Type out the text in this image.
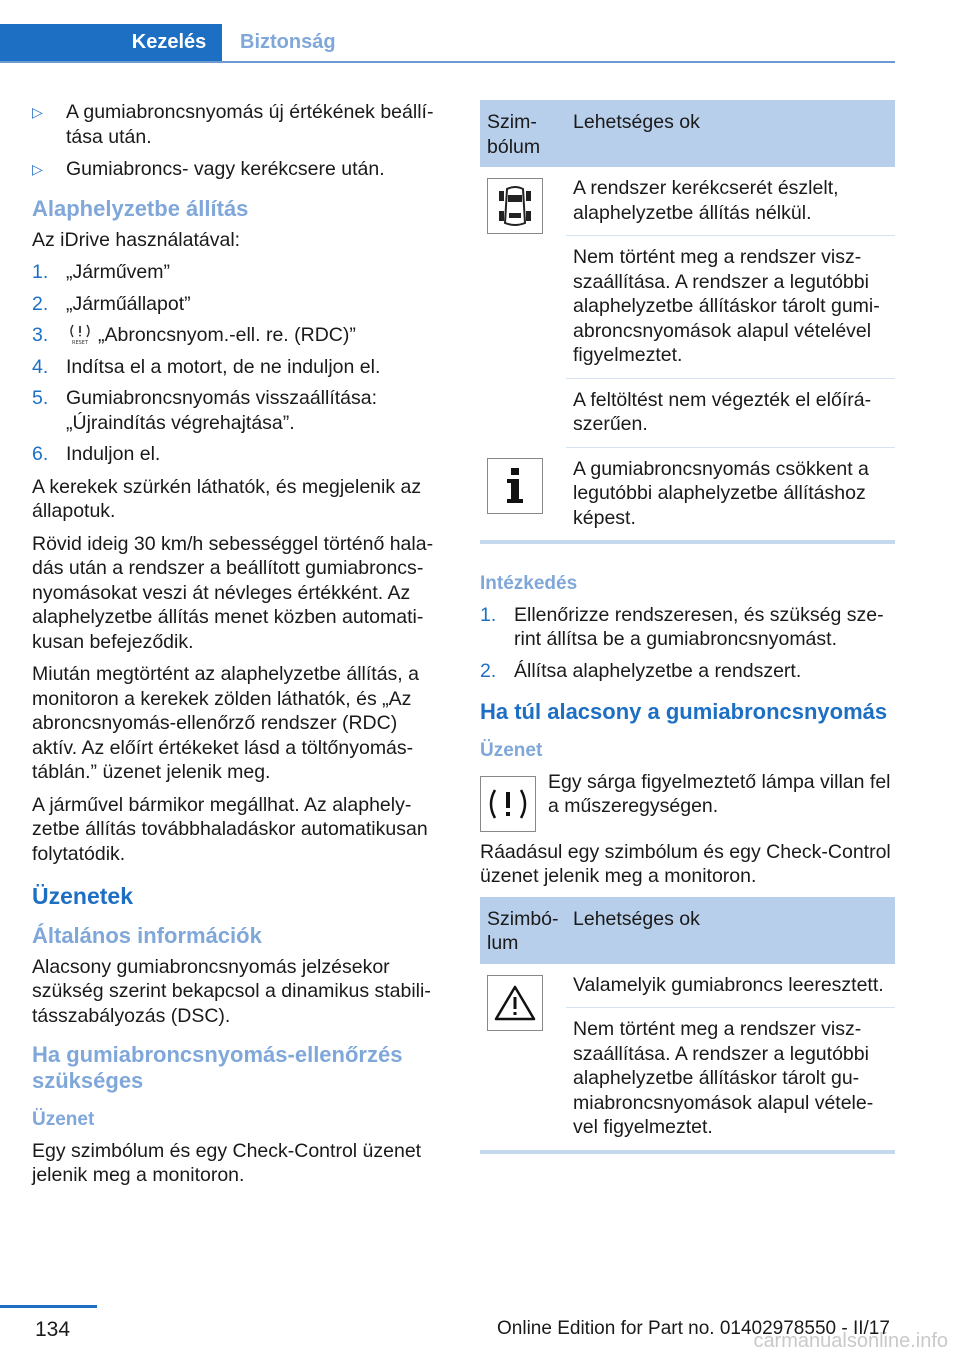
Kezelés	Biztonság
▷ A gumiabroncsnyomás új értékének beállítása után.
▷ Gumiabroncs- vagy kerékcsere után.
Alaphelyzetbe állítás

Az iDrive használatával:

1. „Járművem”
2. „Járműállapot”
3.	RESET „Abroncsnyom.-ell. re. (RDC)”
4. Indítsa el a motort, de ne induljon el.
5. Gumiabroncsnyomás visszaállítása: „Újraindítás végrehajtása”.
6. Induljon el.

A kerekek szürkén láthatók, és megjelenik az állapotuk.

Rövid ideig 30 km/h sebességgel történő haladás után a rendszer a beállított gumiabroncsnyomásokat veszi át névleges értékként. Az alaphelyzetbe állítás menet közben automatikusan befejeződik.

Miután megtörtént az alaphelyzetbe állítás, a monitoron a kerekek zölden láthatók, és „Az abroncsnyomás-ellenőrző rendszer (RDC) aktív. Az előírt értékeket lásd a töltőnyomástáblán.” üzenet jelenik meg.

A járművel bármikor megállhat. Az alaphelyzetbe állítás továbbhaladáskor automatikusan folytatódik.

Üzenetek
Általános információk

Alacsony gumiabroncsnyomás jelzésekor szükség szerint bekapcsol a dinamikus stabilitásszabályozás (DSC).

Ha gumiabroncsnyomás-ellenőrzés szükséges
Üzenet

Egy szimbólum és egy Check-Control üzenet jelenik meg a monitoron.

Szimbólum	Lehetséges ok

	A rendszer kerékcserét észlelt, alaphelyzetbe állítás nélkül.
	Nem történt meg a rendszer viszszaállítása. A rendszer a legutóbbi alaphelyzetbe állításkor tárolt gumiabroncsnyomások alapul vételével figyelmeztet.
	A feltöltést nem végezték el előírászerűen.

	A gumiabroncsnyomás csökkent a legutóbbi alaphelyzetbe állításhoz képest.
Intézkedés
1. Ellenőrizze rendszeresen, és szükség szerint állítsa be a gumiabroncsnyomást.
2. Állítsa alaphelyzetbe a rendszert.
Ha túl alacsony a gumiabroncsnyomás
Üzenet
Egy sárga figyelmeztető lámpa villan fel a műszeregységen.

Ráadásul egy szimbólum és egy Check-Control üzenet jelenik meg a monitoron.

Szimbólum	Lehetséges ok

	Valamelyik gumiabroncs leeresztett.
	Nem történt meg a rendszer viszszaállítása. A rendszer a legutóbbi alaphelyzetbe állításkor tárolt gumiabroncsnyomások alapul vételevel figyelmeztet.
134	Online Edition for Part no. 01402978550 - II/17
carmanualsonline.info
